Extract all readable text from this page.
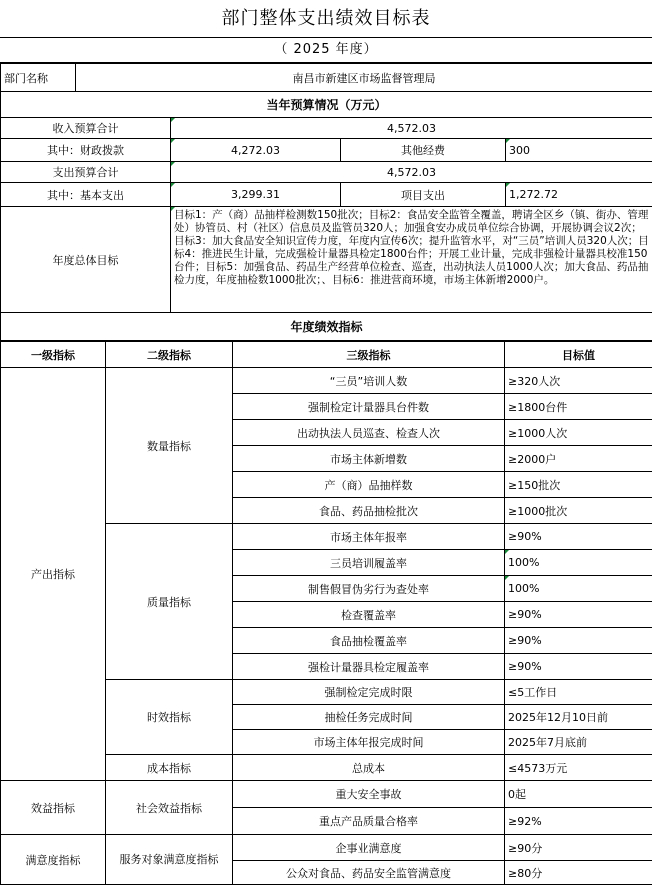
部门整体支出绩效目标表
（ 2025 年度）
部门名称	南昌市新建区市场监督管理局			
当年预算情况（万元）				
收入预算合计		4,572.03		
其中：财政拨款		4,272.03	其他经费	300
支出预算合计		4,572.03		
其中：基本支出		3,299.31	项目支出	1,272.72
年度总体目标		目标1：产（商）品抽样检测数150批次；目标2：食品安全监管全覆盖，聘请全区乡（镇、街办、管理处）协管员、村（社区）信息员及监管员320人；加强食安办成员单位综合协调，开展协调会议2次；目标3：加大食品安全知识宣传力度，年度内宣传6次；提升监管水平，对“三员”培训人员320人次；目标4：推进民生计量，完成强检计量器具检定1800台件；开展工业计量，完成非强检计量器具校准150台件；目标5：加强食品、药品生产经营单位检查、巡查，出动执法人员1000人次；加大食品、药品抽检力度，年度抽检数1000批次；、目标6：推进营商环境，市场主体新增2000户。		
年度绩效指标				
一级指标	二级指标	三级指标	目标值
产出指标	数量指标	“三员”培训人数	≥320人次
		强制检定计量器具台件数	≥1800台件
		出动执法人员巡查、检查人次	≥1000人次
		市场主体新增数	≥2000户
		产（商）品抽样数	≥150批次
		食品、药品抽检批次	≥1000批次
	质量指标	市场主体年报率	≥90%
		三员培训履盖率	100%
		制售假冒伪劣行为查处率	100%
		检查覆盖率	≥90%
		食品抽检覆盖率	≥90%
		强检计量器具检定履盖率	≥90%
	时效指标	强制检定完成时限	≤5工作日
		抽检任务完成时间	2025年12月10日前
		市场主体年报完成时间	2025年7月底前
	成本指标	总成本	≤4573万元
效益指标	社会效益指标	重大安全事故	0起
		重点产品质量合格率	≥92%
满意度指标	服务对象满意度指标	企事业满意度	≥90分
		公众对食品、药品安全监管满意度	≥80分
